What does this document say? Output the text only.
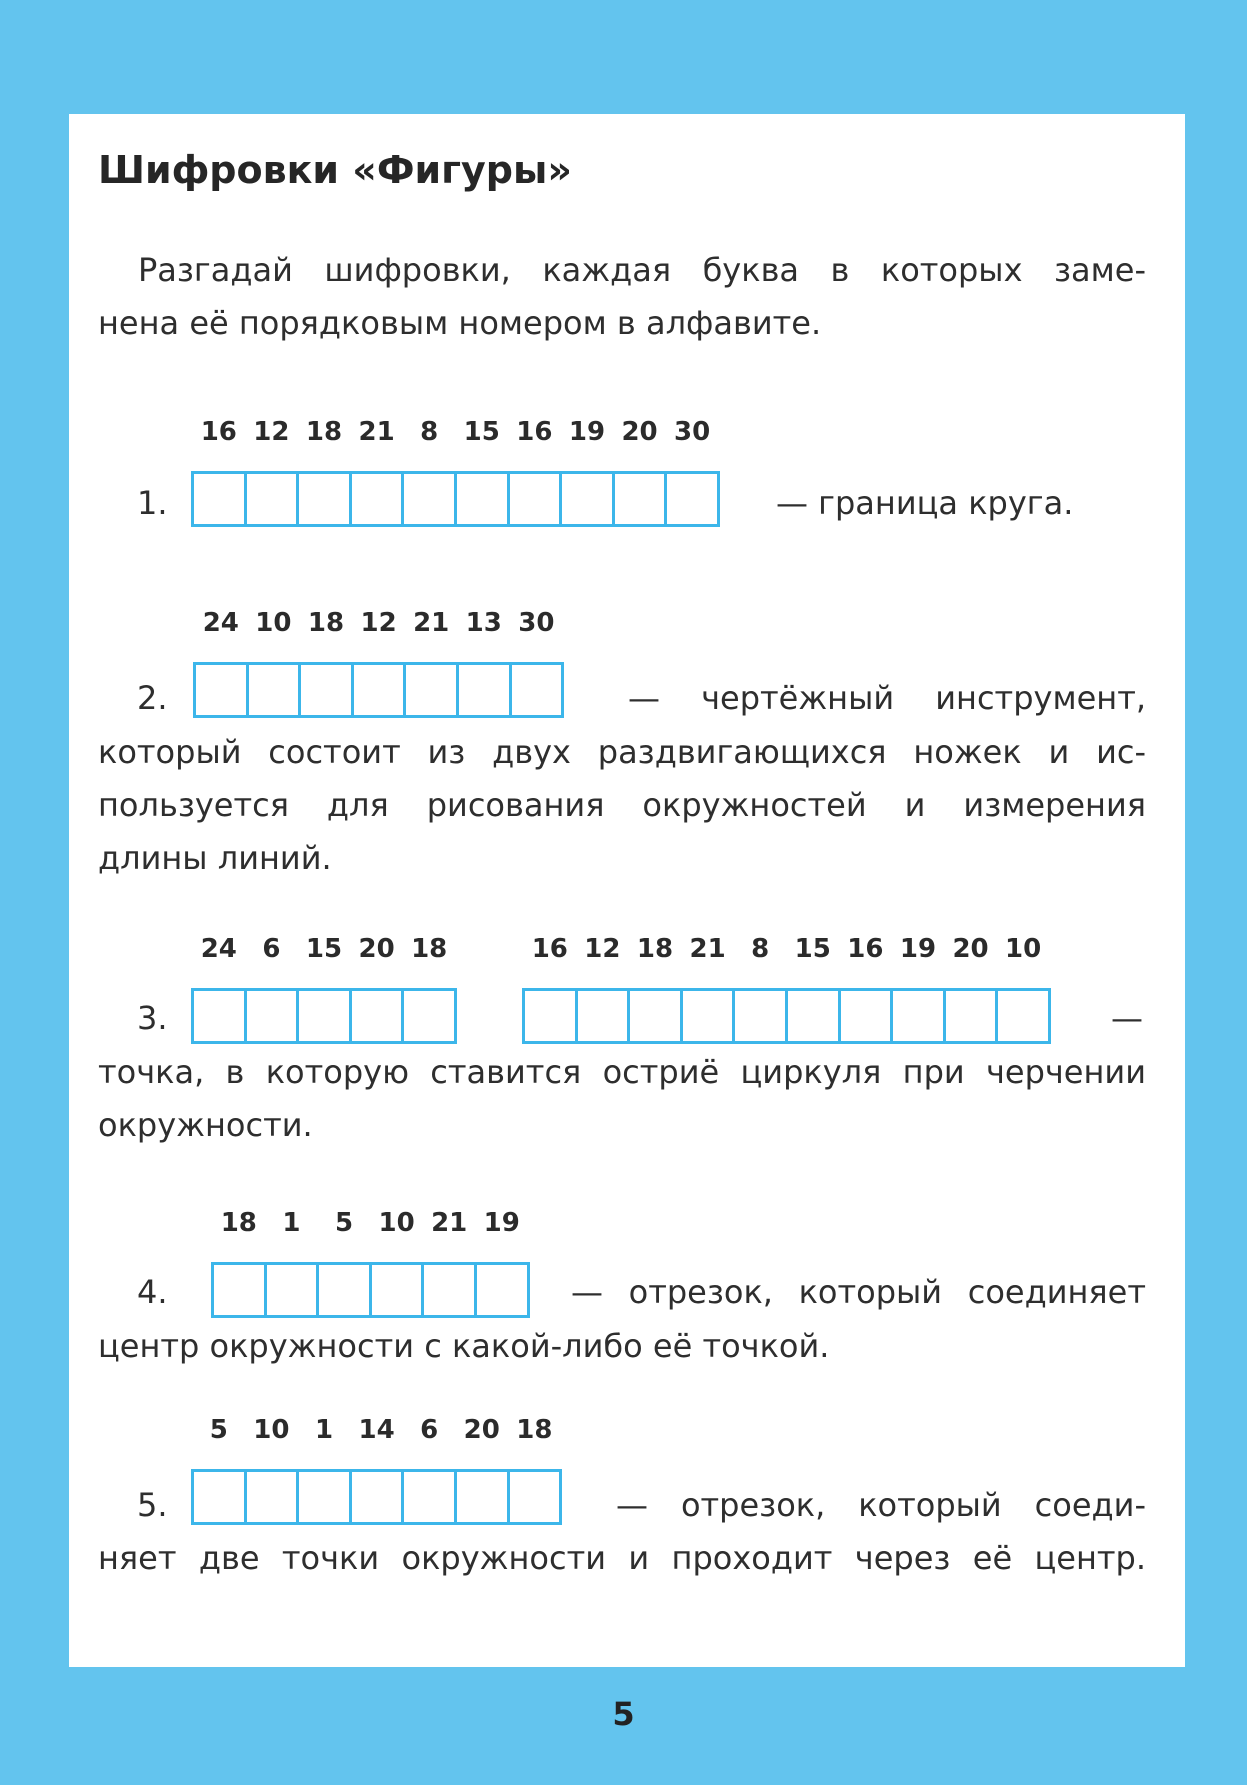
Шифровки «Фигуры»
Разгадай шифровки, каждая буква в которых заме-
нена её порядковым номером в алфавите.
1.
16 12 18 21 8 15 16 19 20 30
— граница круга.
2.
24 10 18 12 21 13 30
— чертёжный инструмент,
который состоит из двух раздвигающихся ножек и ис-
пользуется для рисования окружностей и измерения
длины линий.
3.
24 6 15 20 18	16 12 18 21 8 15 16 19 20 10
—
точка, в которую ставится остриё циркуля при черчении
окружности.
4.
18 1	5 10 21 19
— отрезок, который соединяет
центр окружности с какой-либо её точкой.
5.
5 10 1 14 6 20 18
— отрезок, который соеди-
няет две точки окружности и проходит через её центр.
5
